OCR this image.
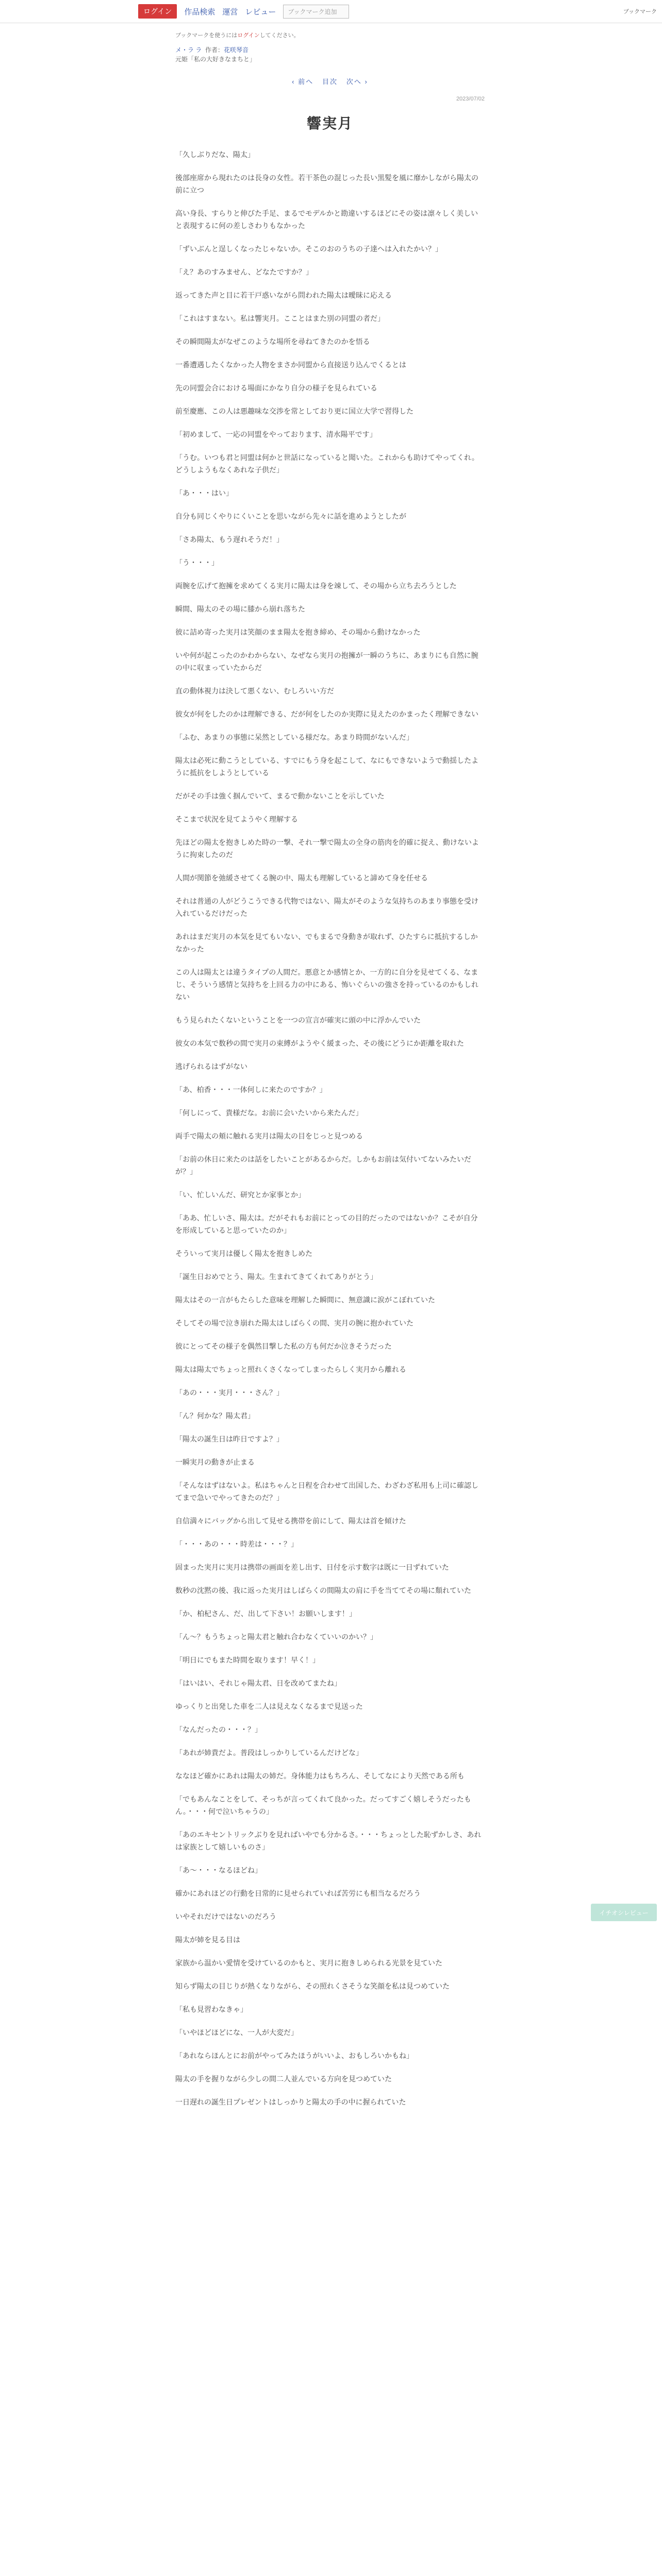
ログイン	作品検索 運営 レビュー	ブックマーク追加	ブックマーク
ブックマークを使うにはログインしてください。
メ・ラ ラ 作者：花咲琴音
元姫「私の大好きなまちと」
‹ 前へ 目次 次へ ›
2023/07/02
響実月

「久しぶりだな、陽太」

後部座席から現れたのは長身の女性。若干茶色の混じった長い黒髪を風に靡かしながら陽太の前に立つ

高い身長、すらりと伸びた手足、まるでモデルかと勘違いするほどにその姿は凛々しく美しいと表現するに何の差しさわりもなかった

「ずいぶんと逞しくなったじゃないか。そこのおのうちの子達へは入れたかい？」

「え？あのすみません、どなたですか？」

返ってきた声と目に若干戸惑いながら問われた陽太は曖昧に応える

「これはすまない。私は響実月。こことはまた別の同盟の者だ」

その瞬間陽太がなぜこのような場所を尋ねてきたのかを悟る

一番遭遇したくなかった人物をまさか同盟から直接送り込んでくるとは

先の同盟会合における場面にかなり自分の様子を見られている

前至慶應、この人は悪趣味な交渉を常としており更に国立大学で習得した

「初めまして、一応の同盟をやっております、清水陽平です」

「うむ。いつも君と同盟は何かと世話になっていると聞いた。これからも助けてやってくれ。どうしようもなくあれな子供だ」

「あ・・・はい」

自分も同じくやりにくいことを思いながら先々に話を進めようとしたが

「さあ陽太、もう遅れそうだ！」

「う・・・」

両腕を広げて抱擁を求めてくる実月に陽太は身を竦して、その場から立ち去ろうとした

瞬間、陽太のその場に膝から崩れ落ちた

彼に詰め寄った実月は笑顔のまま陽太を抱き締め、その場から動けなかった

いや何が起こったのかわからない、なぜなら実月の抱擁が一瞬のうちに、あまりにも自然に腕の中に収まっていたからだ

直の動体視力は決して悪くない、むしろいい方だ

彼女が何をしたのかは理解できる、だが何をしたのか実際に見えたのかまったく理解できない

「ふむ、あまりの事態に呆然としている様だな。あまり時間がないんだ」

陽太は必死に動こうとしている、すでにもう身を起こして、なにもできないようで動揺したように抵抗をしようとしている

だがその手は強く掴んでいて、まるで動かないことを示していた

そこまで状況を見てようやく理解する

先ほどの陽太を抱きしめた時の一撃、それ一撃で陽太の全身の筋肉を的確に捉え、動けないように拘束したのだ

人間が関節を弛緩させてくる腕の中、陽太も理解していると諦めて身を任せる

それは普通の人がどうこうできる代物ではない、陽太がそのような気持ちのあまり事態を受け入れているだけだった

あれはまだ実月の本気を見てもいない、でもまるで身動きが取れず、ひたすらに抵抗するしかなかった

この人は陽太とは違うタイプの人間だ。悪意とか感情とか、一方的に自分を見せてくる、なまじ、そういう感情と気持ちを上回る力の中にある、怖いぐらいの強さを持っているのかもしれない

もう見られたくないということを一つの宣言が確実に頭の中に浮かんでいた

彼女の本気で数秒の間で実月の束縛がようやく緩まった、その後にどうにか距離を取れた

逃げられるはずがない

「あ、柏香・・・一体何しに来たのですか？」

「何しにって、貴様だな。お前に会いたいから来たんだ」

両手で陽太の頬に触れる実月は陽太の目をじっと見つめる

「お前の休日に来たのは話をしたいことがあるからだ。しかもお前は気付いてないみたいだが？」

「い、忙しいんだ、研究とか家事とか」

「ああ、忙しいさ、陽太は。だがそれもお前にとっての目的だったのではないか？こそが自分を形成していると思っていたのか」

そういって実月は優しく陽太を抱きしめた

「誕生日おめでとう、陽太。生まれてきてくれてありがとう」

陽太はその一言がもたらした意味を理解した瞬間に、無意識に涙がこぼれていた

そしてその場で泣き崩れた陽太はしばらくの間、実月の腕に抱かれていた

彼にとってその様子を偶然目撃した私の方も何だか泣きそうだった

陽太は陽太でちょっと照れくさくなってしまったらしく実月から離れる

「あの・・・実月・・・さん？」

「ん？何かな？陽太君」

「陽太の誕生日は昨日ですよ？」

一瞬実月の動きが止まる

「そんなはずはないよ。私はちゃんと日程を合わせて出国した、わざわざ私用も上司に確認してまで急いでやってきたのだ？」

自信満々にバッグから出して見せる携帯を前にして、陽太は首を傾けた

「・・・あの・・・時差は・・・？」

固まった実月に実月は携帯の画面を差し出す、日付を示す数字は既に一日ずれていた

数秒の沈黙の後、我に返った実月はしばらくの間陽太の肩に手を当ててその場に頽れていた

「か、柏杞さん、だ、出して下さい！お願いします！」

「ん〜？もうちょっと陽太君と触れ合わなくていいのかい？」

「明日にでもまた時間を取ります！早く！」

「はいはい、それじゃ陽太君、日を改めてまたね」

ゆっくりと出発した車を二人は見えなくなるまで見送った

「なんだったの・・・？」

「あれが姉貴だよ。普段はしっかりしているんだけどな」

ななほど確かにあれは陽太の姉だ。身体能力はもちろん、そしてなにより天然である所も

「でもあんなことをして、そっちが言ってくれて良かった。だってすごく嬉しそうだったもん。・・・何で泣いちゃうの」

「あのエキセントリックぶりを見ればいやでも分かるさ。・・・ちょっとした恥ずかしさ、あれは家族として嬉しいものさ」

「あ〜・・・なるほどね」

確かにあれほどの行動を日常的に見せられていれば苦労にも相当なるだろう

いやそれだけではないのだろう

陽太が姉を見る目は

家族から温かい愛情を受けているのかもと、実月に抱きしめられる光景を見ていた

知らず陽太の目じりが熱くなりながら、その照れくさそうな笑顔を私は見つめていた

「私も見習わなきゃ」

「いやほどほどにな、一人が大変だ」

「あれならほんとにお前がやってみたほうがいいよ、おもしろいかもね」

陽太の手を握りながら少しの間二人並んでいる方向を見つめていた

一日遅れの誕生日プレゼントはしっかりと陽太の手の中に握られていた

イチオシレビュー
